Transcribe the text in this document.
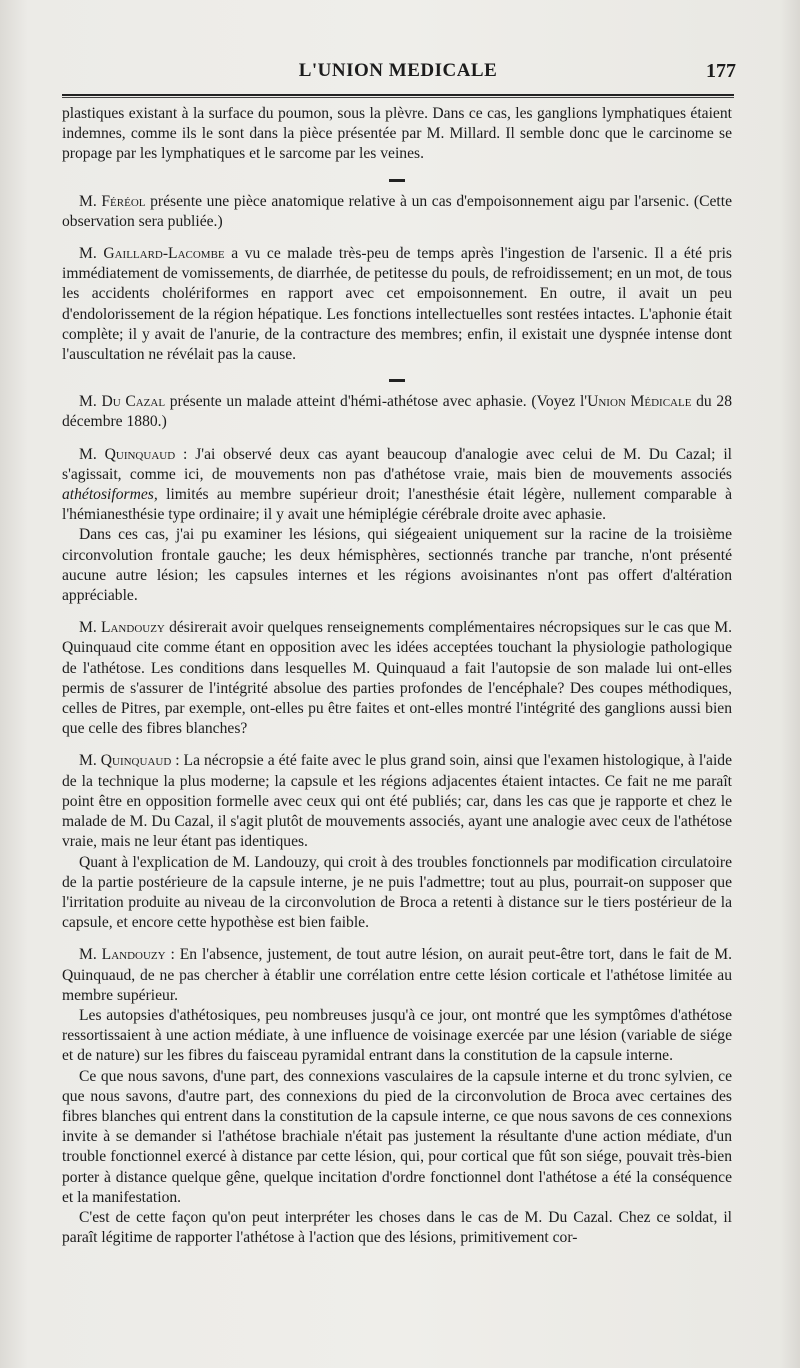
L'UNION MEDICALE	177

plastiques existant à la surface du poumon, sous la plèvre. Dans ce cas, les ganglions lymphatiques étaient indemnes, comme ils le sont dans la pièce présentée par M. Millard. Il semble donc que le carcinome se propage par les lymphatiques et le sarcome par les veines.

M. Féréol présente une pièce anatomique relative à un cas d'empoisonnement aigu par l'arsenic. (Cette observation sera publiée.)

M. Gaillard-Lacombe a vu ce malade très-peu de temps après l'ingestion de l'arsenic. Il a été pris immédiatement de vomissements, de diarrhée, de petitesse du pouls, de refroidissement; en un mot, de tous les accidents cholériformes en rapport avec cet empoisonnement. En outre, il avait un peu d'endolorissement de la région hépatique. Les fonctions intellectuelles sont restées intactes. L'aphonie était complète; il y avait de l'anurie, de la contracture des membres; enfin, il existait une dyspnée intense dont l'auscultation ne révélait pas la cause.

M. Du Cazal présente un malade atteint d'hémi-athétose avec aphasie. (Voyez l'Union Médicale du 28 décembre 1880.)

M. Quinquaud : J'ai observé deux cas ayant beaucoup d'analogie avec celui de M. Du Cazal; il s'agissait, comme ici, de mouvements non pas d'athétose vraie, mais bien de mouvements associés athétosiformes, limités au membre supérieur droit; l'anesthésie était légère, nullement comparable à l'hémianesthésie type ordinaire; il y avait une hémiplégie cérébrale droite avec aphasie.

Dans ces cas, j'ai pu examiner les lésions, qui siégeaient uniquement sur la racine de la troisième circonvolution frontale gauche; les deux hémisphères, sectionnés tranche par tranche, n'ont présenté aucune autre lésion; les capsules internes et les régions avoisinantes n'ont pas offert d'altération appréciable.

M. Landouzy désirerait avoir quelques renseignements complémentaires nécropsiques sur le cas que M. Quinquaud cite comme étant en opposition avec les idées acceptées touchant la physiologie pathologique de l'athétose. Les conditions dans lesquelles M. Quinquaud a fait l'autopsie de son malade lui ont-elles permis de s'assurer de l'intégrité absolue des parties profondes de l'encéphale? Des coupes méthodiques, celles de Pitres, par exemple, ont-elles pu être faites et ont-elles montré l'intégrité des ganglions aussi bien que celle des fibres blanches?

M. Quinquaud : La nécropsie a été faite avec le plus grand soin, ainsi que l'examen histologique, à l'aide de la technique la plus moderne; la capsule et les régions adjacentes étaient intactes. Ce fait ne me paraît point être en opposition formelle avec ceux qui ont été publiés; car, dans les cas que je rapporte et chez le malade de M. Du Cazal, il s'agit plutôt de mouvements associés, ayant une analogie avec ceux de l'athétose vraie, mais ne leur étant pas identiques.

Quant à l'explication de M. Landouzy, qui croit à des troubles fonctionnels par modification circulatoire de la partie postérieure de la capsule interne, je ne puis l'admettre; tout au plus, pourrait-on supposer que l'irritation produite au niveau de la circonvolution de Broca a retenti à distance sur le tiers postérieur de la capsule, et encore cette hypothèse est bien faible.

M. Landouzy : En l'absence, justement, de tout autre lésion, on aurait peut-être tort, dans le fait de M. Quinquaud, de ne pas chercher à établir une corrélation entre cette lésion corticale et l'athétose limitée au membre supérieur.

Les autopsies d'athétosiques, peu nombreuses jusqu'à ce jour, ont montré que les symptômes d'athétose ressortissaient à une action médiate, à une influence de voisinage exercée par une lésion (variable de siége et de nature) sur les fibres du faisceau pyramidal entrant dans la constitution de la capsule interne.

Ce que nous savons, d'une part, des connexions vasculaires de la capsule interne et du tronc sylvien, ce que nous savons, d'autre part, des connexions du pied de la circonvolution de Broca avec certaines des fibres blanches qui entrent dans la constitution de la capsule interne, ce que nous savons de ces connexions invite à se demander si l'athétose brachiale n'était pas justement la résultante d'une action médiate, d'un trouble fonctionnel exercé à distance par cette lésion, qui, pour cortical que fût son siége, pouvait très-bien porter à distance quelque gêne, quelque incitation d'ordre fonctionnel dont l'athétose a été la conséquence et la manifestation.

C'est de cette façon qu'on peut interpréter les choses dans le cas de M. Du Cazal. Chez ce soldat, il paraît légitime de rapporter l'athétose à l'action que des lésions, primitivement cor-
